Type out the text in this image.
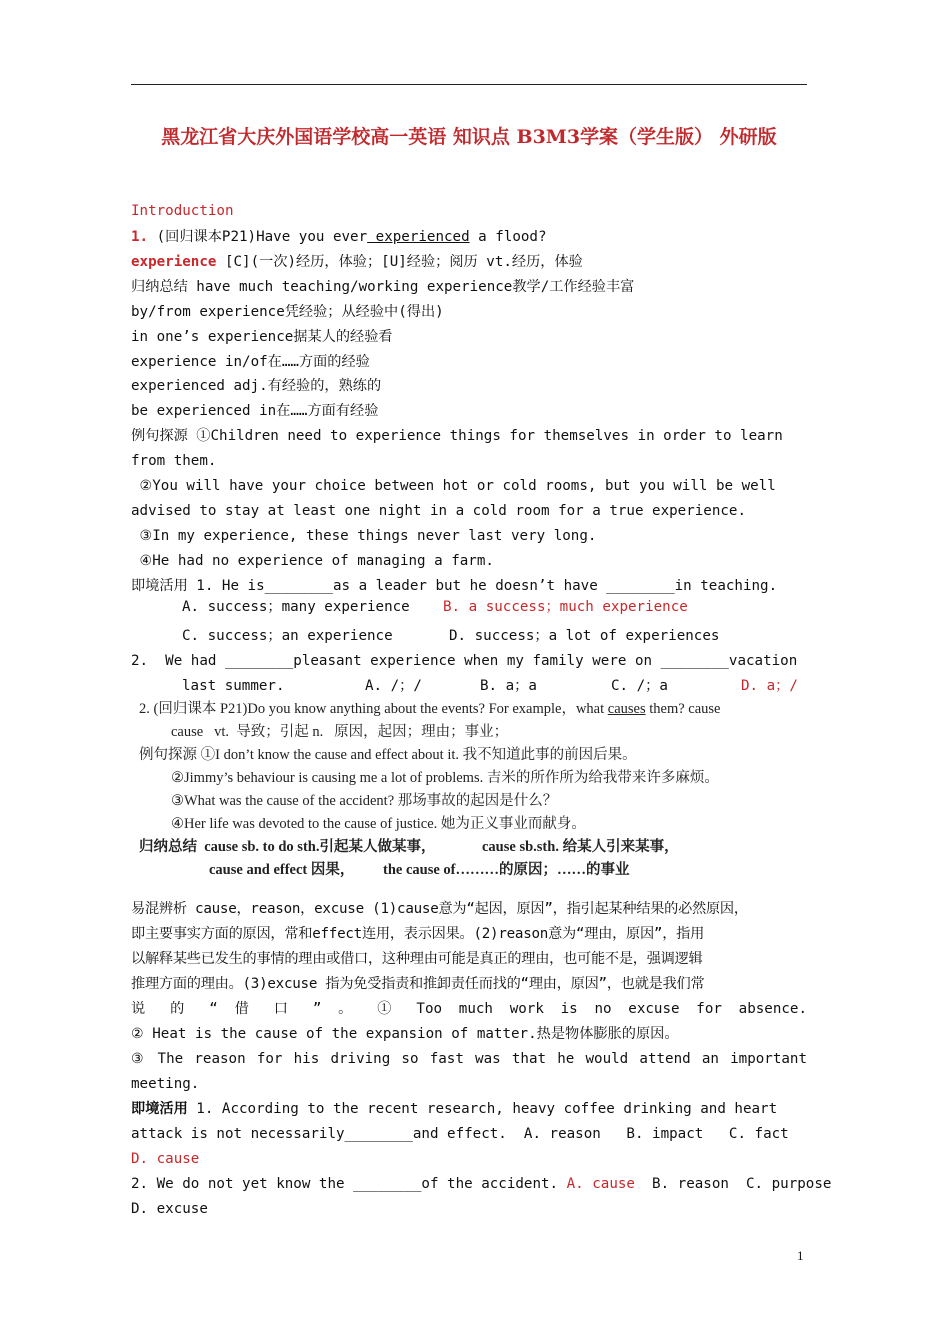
黑龙江省大庆外国语学校高一英语 知识点 B3M3学案（学生版） 外研版
Introduction
1. (回归课本P21)Have you ever experienced a flood?
experience [C](一次)经历，体验；[U]经验；阅历 vt.经历，体验
归纳总结 have much teaching/working experience教学/工作经验丰富
by/from experience凭经验；从经验中(得出)
in one’s experience据某人的经验看
experience in/of在……方面的经验
experienced adj.有经验的，熟练的
be experienced in在……方面有经验
例句探源 ①Children need to experience things for themselves in order to learn
from them.
②You will have your choice between hot or cold rooms, but you will be well
advised to stay at least one night in a cold room for a true experience.
③In my experience, these things never last very long.
④He had no experience of managing a farm.
即境活用 1. He is________as a leader but he doesn’t have ________in teaching.
A. success；many experience B. a success；much experience
C. success；an experience	D. success；a lot of experiences
2.  We had ________pleasant experience when my family were on ________vacation
last summer.	A. /；/	B. a；a	C. /；a	D. a；/
2. (回归课本 P21)Do you know anything about the events? For example，what causes them? cause
cause   vt.  导致；引起 n.   原因，起因；理由；事业；
例句探源 ①I don’t know the cause and effect about it. 我不知道此事的前因后果。
②Jimmy’s behaviour is causing me a lot of problems. 吉米的所作所为给我带来许多麻烦。
③What was the cause of the accident? 那场事故的起因是什么？
④Her life was devoted to the cause of justice. 她为正义事业而献身。
归纳总结  cause sb. to do sth.引起某人做某事，	cause sb.sth. 给某人引来某事，
cause and effect 因果， the cause of………的原因；……的事业
易混辨析 cause，reason，excuse (1)cause意为“起因，原因”，指引起某种结果的必然原因，
即主要事实方面的原因，常和effect连用，表示因果。(2)reason意为“理由，原因”，指用
以解释某些已发生的事情的理由或借口，这种理由可能是真正的理由，也可能不是，强调逻辑
推理方面的理由。(3)excuse 指为免受指责和推卸责任而找的“理由，原因”，也就是我们常
说 的 “ 借 口 ” 。 ① Too much work is no excuse for absence.
② Heat is the cause of the expansion of matter.热是物体膨胀的原因。
③ The reason for his driving so fast was that he would attend an important
meeting.
即境活用 1. According to the recent research, heavy coffee drinking and heart
attack is not necessarily________and effect.  A. reason   B. impact   C. fact
D. cause
2. We do not yet know the ________of the accident. A. cause  B. reason  C. purpose
D. excuse
1
